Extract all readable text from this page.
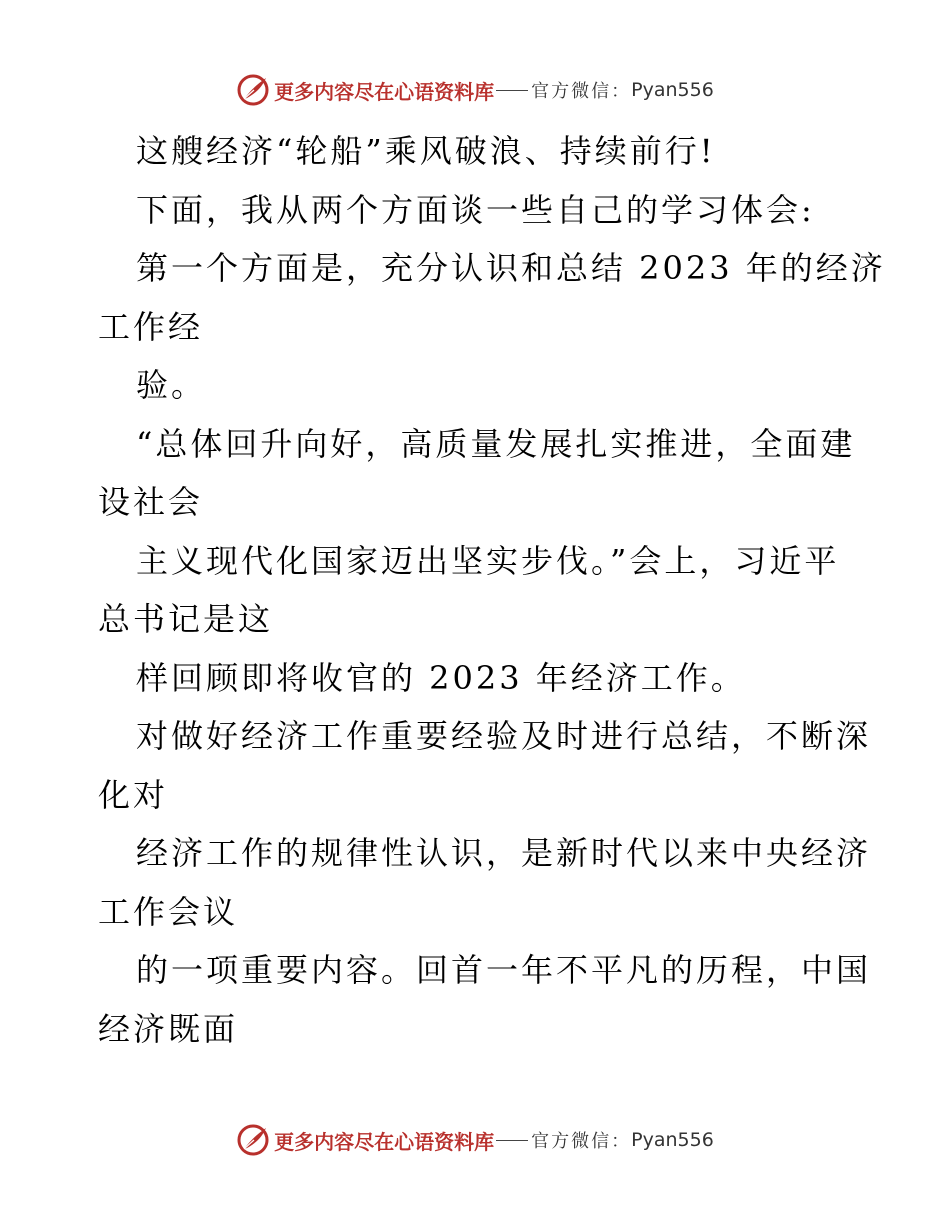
更多内容尽在心语资料库 官方微信： Pyan556
这艘经济“轮船”乘风破浪、持续前行!
下面，我从两个方面谈一些自己的学习体会:
第一个方面是，充分认识和总结 2023 年的经济
工作经
验。
“总体回升向好，高质量发展扎实推进，全面建
设社会
主义现代化国家迈出坚实步伐。”会上，习近平
总书记是这
样回顾即将收官的 2023 年经济工作。
对做好经济工作重要经验及时进行总结，不断深
化对
经济工作的规律性认识，是新时代以来中央经济
工作会议
的一项重要内容。回首一年不平凡的历程，中国
经济既面
更多内容尽在心语资料库 官方微信： Pyan556
